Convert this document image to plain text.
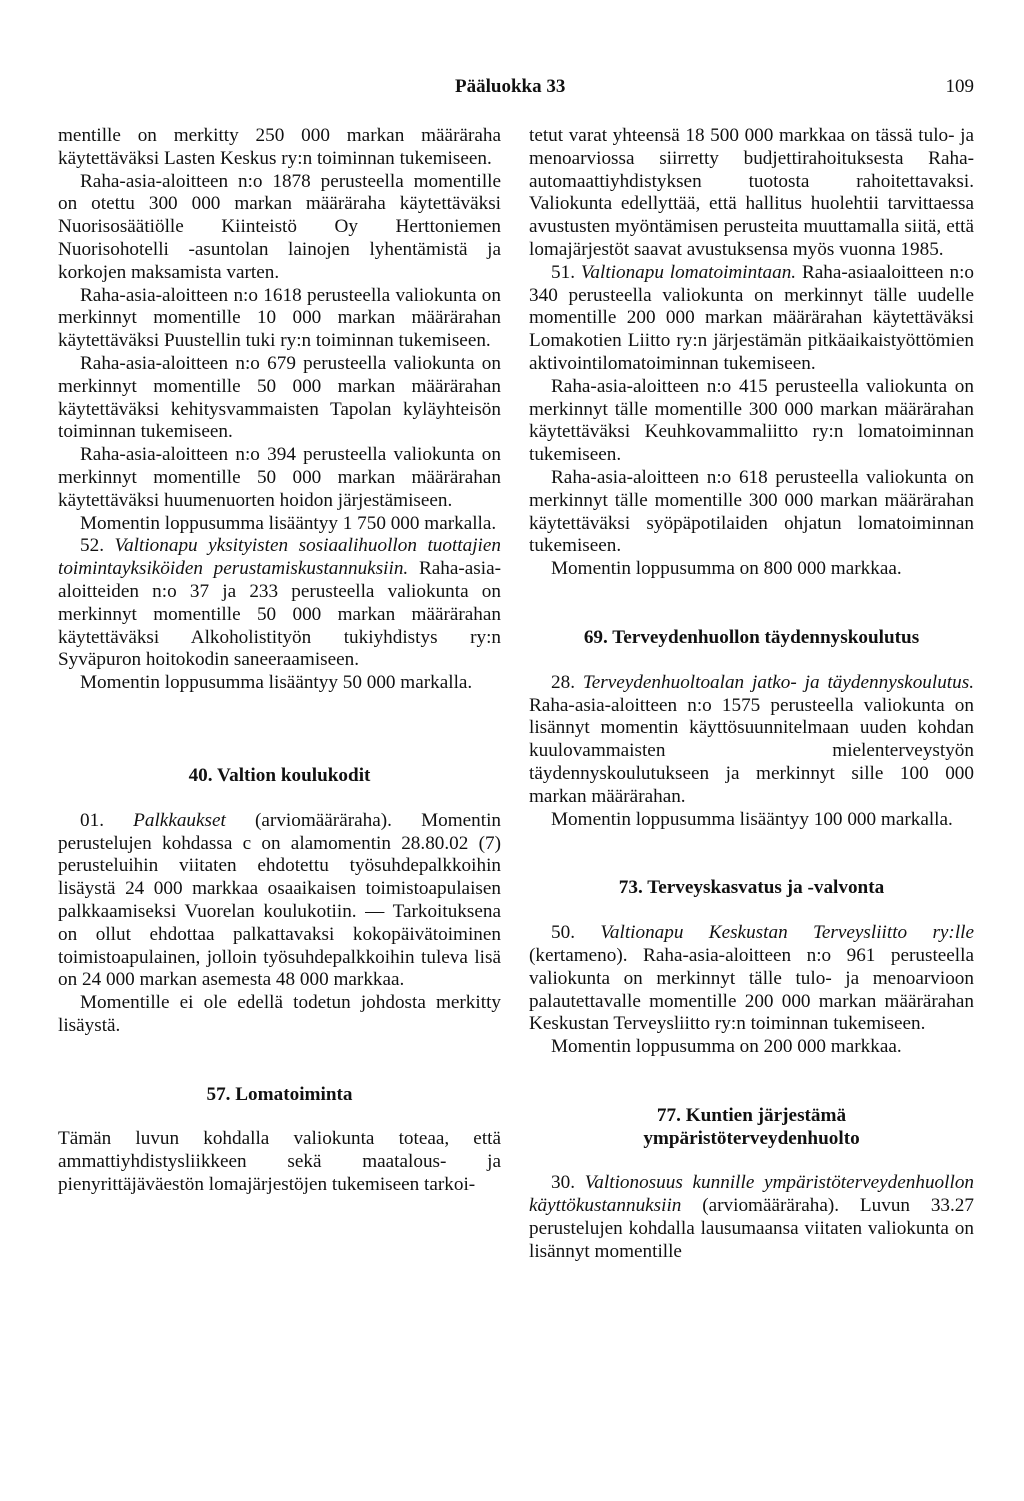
Pääluokka 33	109

mentille on merkitty 250 000 markan määräraha käytettäväksi Lasten Keskus ry:n toiminnan tukemiseen.

Raha-asia-aloitteen n:o 1878 perusteella momentille on otettu 300 000 markan määräraha käytettäväksi Nuorisosäätiölle Kiinteistö Oy Herttoniemen Nuorisohotelli -asuntolan lainojen lyhentämistä ja korkojen maksamista varten.

Raha-asia-aloitteen n:o 1618 perusteella valiokunta on merkinnyt momentille 10 000 markan määrärahan käytettäväksi Puustellin tuki ry:n toiminnan tukemiseen.

Raha-asia-aloitteen n:o 679 perusteella valiokunta on merkinnyt momentille 50 000 markan määrärahan käytettäväksi kehitysvammaisten Tapolan kyläyhteisön toiminnan tukemiseen.

Raha-asia-aloitteen n:o 394 perusteella valiokunta on merkinnyt momentille 50 000 markan määrärahan käytettäväksi huumenuorten hoidon järjestämiseen.

Momentin loppusumma lisääntyy 1 750 000 markalla.

52. Valtionapu yksityisten sosiaalihuollon tuottajien toimintayksiköiden perustamiskustannuksiin. Raha-asia-aloitteiden n:o 37 ja 233 perusteella valiokunta on merkinnyt momentille 50 000 markan määrärahan käytettäväksi Alkoholistityön tukiyhdistys ry:n Syväpuron hoitokodin saneeraamiseen.

Momentin loppusumma lisääntyy 50 000 markalla.

40. Valtion koulukodit

01. Palkkaukset (arviomääräraha). Momentin perustelujen kohdassa c on alamomentin 28.80.02 (7) perusteluihin viitaten ehdotettu työsuhdepalkkoihin lisäystä 24 000 markkaa osaaikaisen toimistoapulaisen palkkaamiseksi Vuorelan koulukotiin. — Tarkoituksena on ollut ehdottaa palkattavaksi kokopäivätoiminen toimistoapulainen, jolloin työsuhdepalkkoihin tuleva lisä on 24 000 markan asemesta 48 000 markkaa.

Momentille ei ole edellä todetun johdosta merkitty lisäystä.

57. Lomatoiminta

Tämän luvun kohdalla valiokunta toteaa, että ammattiyhdistysliikkeen sekä maatalous- ja pienyrittäjäväestön lomajärjestöjen tukemiseen tarkoi-

tetut varat yhteensä 18 500 000 markkaa on tässä tulo- ja menoarviossa siirretty budjettirahoituksesta Raha-automaattiyhdistyksen tuotosta rahoitettavaksi. Valiokunta edellyttää, että hallitus huolehtii tarvittaessa avustusten myöntämisen perusteita muuttamalla siitä, että lomajärjestöt saavat avustuksensa myös vuonna 1985.

51. Valtionapu lomatoimintaan. Raha-asiaaloitteen n:o 340 perusteella valiokunta on merkinnyt tälle uudelle momentille 200 000 markan määrärahan käytettäväksi Lomakotien Liitto ry:n järjestämän pitkäaikaistyöttömien aktivointilomatoiminnan tukemiseen.

Raha-asia-aloitteen n:o 415 perusteella valiokunta on merkinnyt tälle momentille 300 000 markan määrärahan käytettäväksi Keuhkovammaliitto ry:n lomatoiminnan tukemiseen.

Raha-asia-aloitteen n:o 618 perusteella valiokunta on merkinnyt tälle momentille 300 000 markan määrärahan käytettäväksi syöpäpotilaiden ohjatun lomatoiminnan tukemiseen.

Momentin loppusumma on 800 000 markkaa.

69. Terveydenhuollon täydennyskoulutus

28. Terveydenhuoltoalan jatko- ja täydennyskoulutus. Raha-asia-aloitteen n:o 1575 perusteella valiokunta on lisännyt momentin käyttösuunnitelmaan uuden kohdan kuulovammaisten mielenterveystyön täydennyskoulutukseen ja merkinnyt sille 100 000 markan määrärahan.

Momentin loppusumma lisääntyy 100 000 markalla.

73. Terveyskasvatus ja -valvonta

50. Valtionapu Keskustan Terveysliitto ry:lle (kertameno). Raha-asia-aloitteen n:o 961 perusteella valiokunta on merkinnyt tälle tulo- ja menoarvioon palautettavalle momentille 200 000 markan määrärahan Keskustan Terveysliitto ry:n toiminnan tukemiseen.

Momentin loppusumma on 200 000 markkaa.

77. Kuntien järjestämä ympäristöterveydenhuolto

30. Valtionosuus kunnille ympäristöterveydenhuollon käyttökustannuksiin (arviomääräraha). Luvun 33.27 perustelujen kohdalla lausumaansa viitaten valiokunta on lisännyt momentille
